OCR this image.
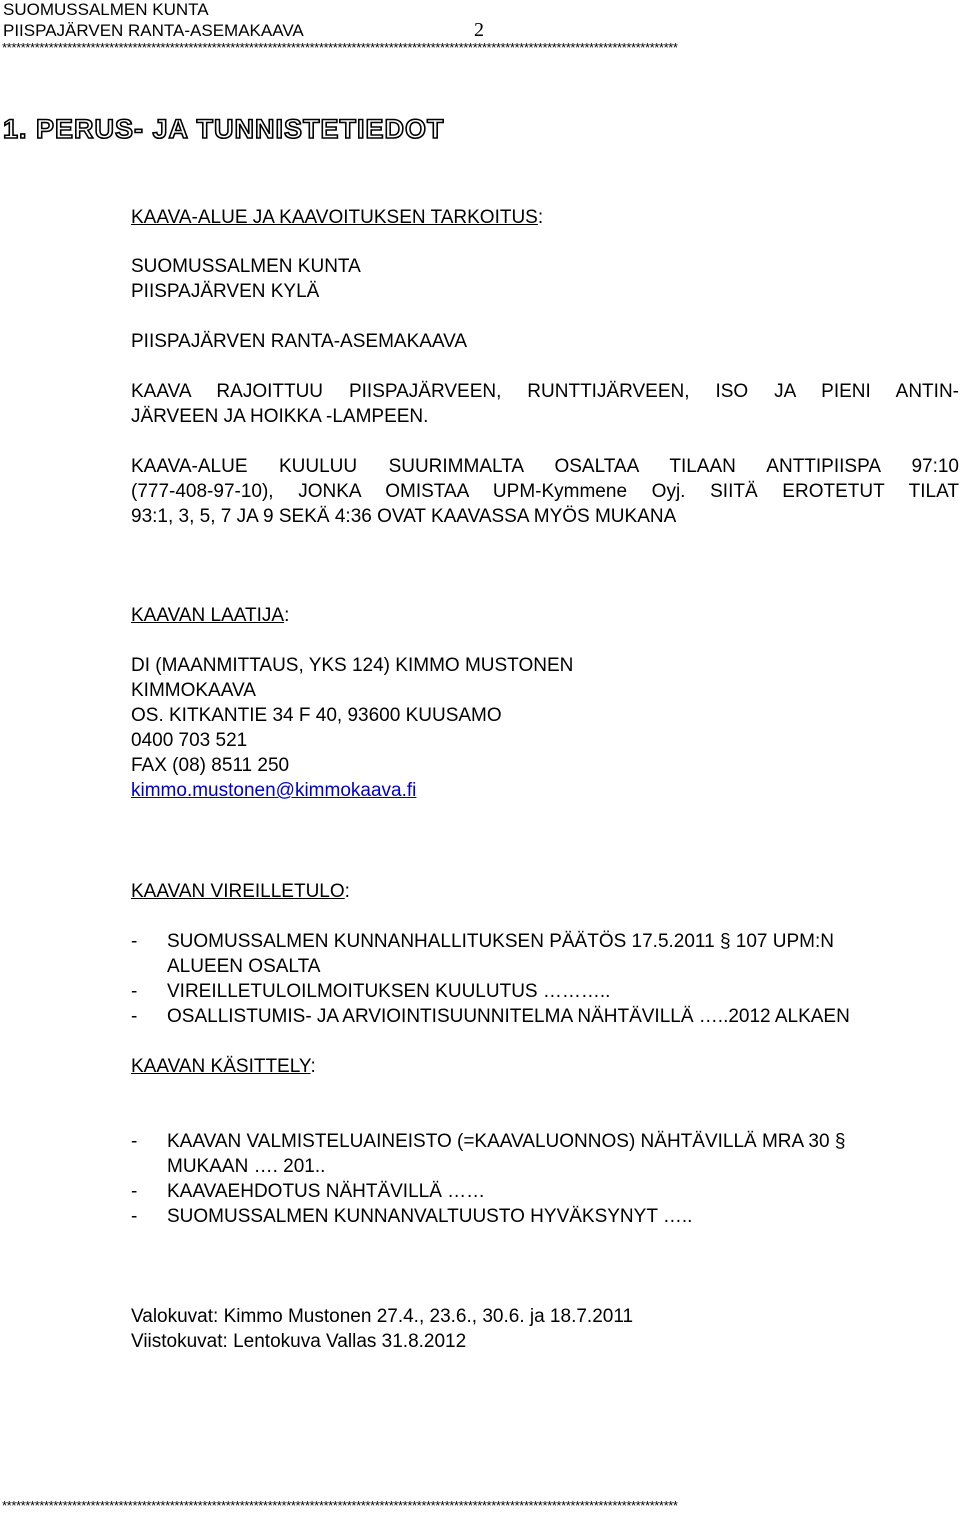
SUOMUSSALMEN KUNTA
PIISPAJÄRVEN RANTA-ASEMAKAAVA	2
*************************************************************************************************************************************************
1. PERUS- JA TUNNISTETIEDOT
KAAVA-ALUE JA KAAVOITUKSEN TARKOITUS:
SUOMUSSALMEN KUNTA
PIISPAJÄRVEN KYLÄ
PIISPAJÄRVEN RANTA-ASEMAKAAVA
KAAVA RAJOITTUU PIISPAJÄRVEEN, RUNTTIJÄRVEEN, ISO JA PIENI ANTIN-
JÄRVEEN JA HOIKKA -LAMPEEN.
KAAVA-ALUE KUULUU SUURIMMALTA OSALTAA TILAAN ANTTIPIISPA 97:10
(777-408-97-10), JONKA OMISTAA UPM-Kymmene Oyj. SIITÄ EROTETUT TILAT
93:1, 3, 5, 7 JA 9 SEKÄ 4:36 OVAT KAAVASSA MYÖS MUKANA
KAAVAN LAATIJA:
DI (MAANMITTAUS, YKS 124) KIMMO MUSTONEN
KIMMOKAAVA
OS. KITKANTIE 34 F 40, 93600 KUUSAMO
0400 703 521
FAX (08) 8511 250
kimmo.mustonen@kimmokaava.fi
KAAVAN VIREILLETULO:
- SUOMUSSALMEN KUNNANHALLITUKSEN PÄÄTÖS 17.5.2011 § 107 UPM:N
ALUEEN OSALTA
- VIREILLETULOILMOITUKSEN KUULUTUS ………..
- OSALLISTUMIS- JA ARVIOINTISUUNNITELMA NÄHTÄVILLÄ …..2012 ALKAEN
KAAVAN KÄSITTELY:
- KAAVAN VALMISTELUAINEISTO (=KAAVALUONNOS) NÄHTÄVILLÄ MRA 30 §
MUKAAN …. 201..
- KAAVAEHDOTUS NÄHTÄVILLÄ ……
- SUOMUSSALMEN KUNNANVALTUUSTO HYVÄKSYNYT …..
Valokuvat: Kimmo Mustonen 27.4., 23.6., 30.6. ja 18.7.2011
Viistokuvat: Lentokuva Vallas 31.8.2012
*************************************************************************************************************************************************
